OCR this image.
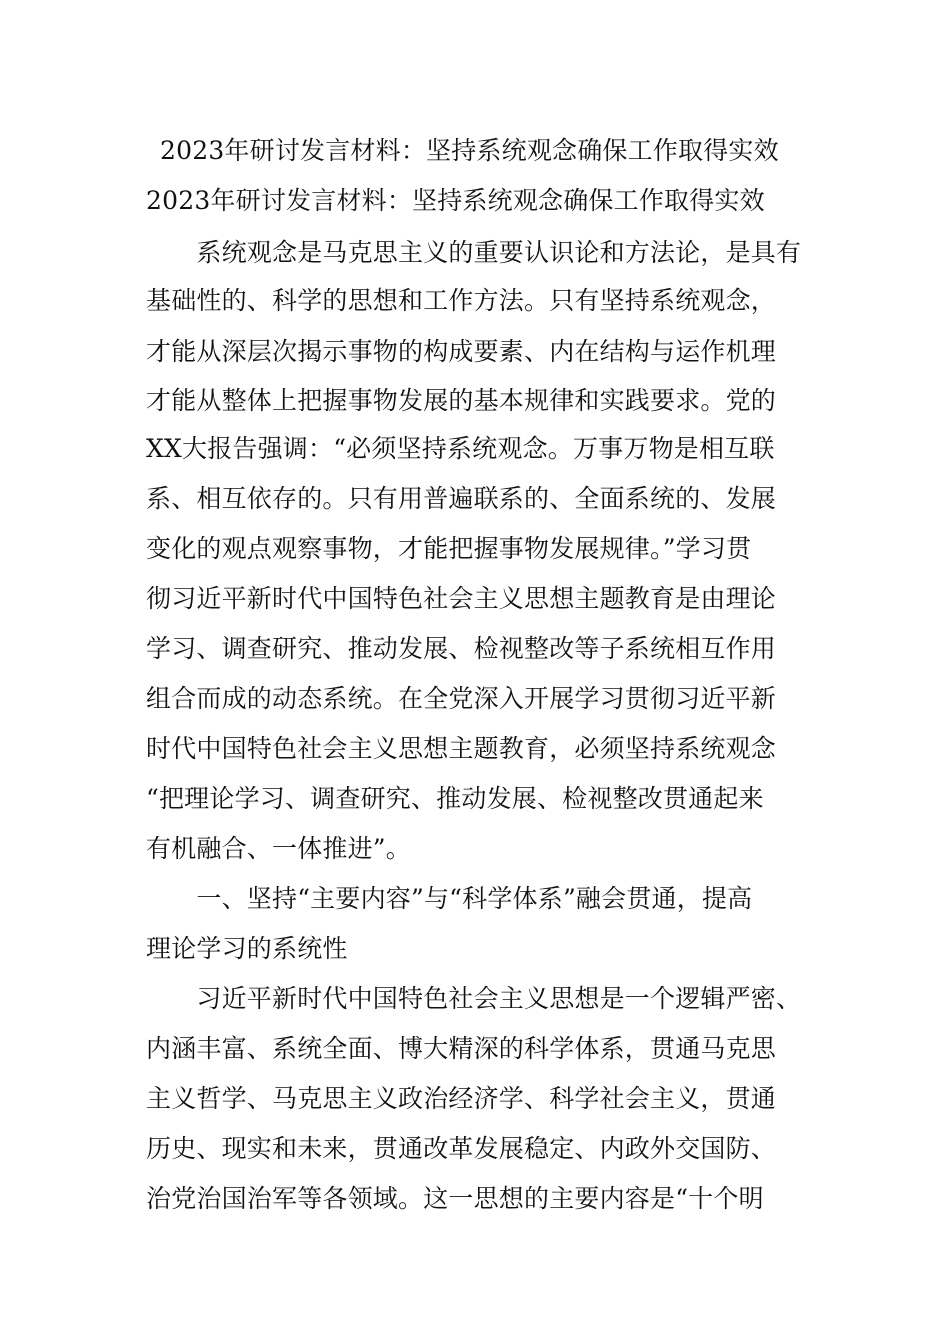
2023年研讨发言材料：坚持系统观念确保工作取得实效
2023年研讨发言材料：坚持系统观念确保工作取得实效
　　系统观念是马克思主义的重要认识论和方法论，是具有
基础性的、科学的思想和工作方法。只有坚持系统观念，
才能从深层次揭示事物的构成要素、内在结构与运作机理
才能从整体上把握事物发展的基本规律和实践要求。党的
XX大报告强调：“必须坚持系统观念。万事万物是相互联
系、相互依存的。只有用普遍联系的、全面系统的、发展
变化的观点观察事物，才能把握事物发展规律。”学习贯
彻习近平新时代中国特色社会主义思想主题教育是由理论
学习、调查研究、推动发展、检视整改等子系统相互作用
组合而成的动态系统。在全党深入开展学习贯彻习近平新
时代中国特色社会主义思想主题教育，必须坚持系统观念
“把理论学习、调查研究、推动发展、检视整改贯通起来
有机融合、一体推进”。
　　一、坚持“主要内容”与“科学体系”融会贯通，提高
理论学习的系统性
　　习近平新时代中国特色社会主义思想是一个逻辑严密、
内涵丰富、系统全面、博大精深的科学体系，贯通马克思
主义哲学、马克思主义政治经济学、科学社会主义，贯通
历史、现实和未来，贯通改革发展稳定、内政外交国防、
治党治国治军等各领域。这一思想的主要内容是“十个明
